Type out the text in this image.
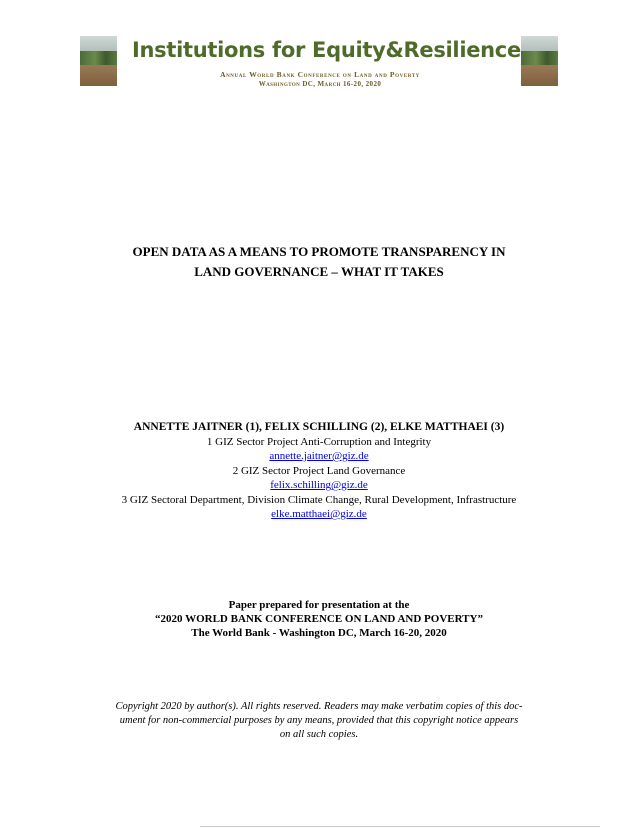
Institutions for Equity&Resilience
Annual World Bank Conference on Land and Poverty
Washington DC, March 16-20, 2020
OPEN DATA AS A MEANS TO PROMOTE TRANSPARENCY IN
LAND GOVERNANCE – WHAT IT TAKES
ANNETTE JAITNER (1), FELIX SCHILLING (2), ELKE MATTHAEI (3)
1 GIZ Sector Project Anti-Corruption and Integrity
annette.jaitner@giz.de
2 GIZ Sector Project Land Governance
felix.schilling@giz.de
3 GIZ Sectoral Department, Division Climate Change, Rural Development, Infrastructure
elke.matthaei@giz.de
Paper prepared for presentation at the
“2020 WORLD BANK CONFERENCE ON LAND AND POVERTY”
The World Bank - Washington DC, March 16-20, 2020
Copyright 2020 by author(s). All rights reserved. Readers may make verbatim copies of this doc-
ument for non-commercial purposes by any means, provided that this copyright notice appears
on all such copies.
